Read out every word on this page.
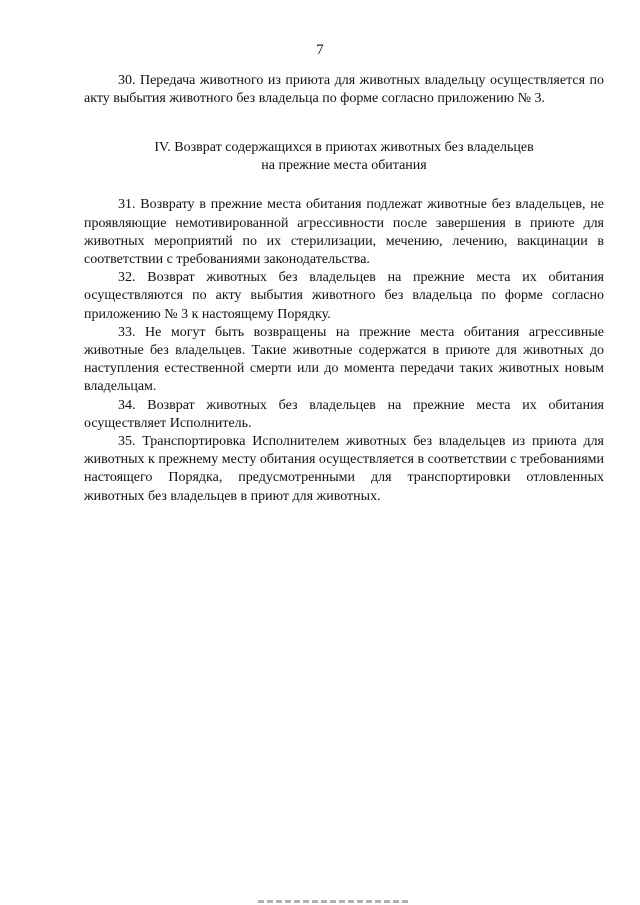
7

30. Передача животного из приюта для животных владельцу осуществляется по акту выбытия животного без владельца по форме согласно приложению № 3.

IV. Возврат содержащихся в приютах животных без владельцев
на прежние места обитания

31. Возврату в прежние места обитания подлежат животные без владельцев, не проявляющие немотивированной агрессивности после завершения в приюте для животных мероприятий по их стерилизации, мечению, лечению, вакцинации в соответствии с требованиями законодательства.

32. Возврат животных без владельцев на прежние места их обитания осуществляются по акту выбытия животного без владельца по форме согласно приложению № 3 к настоящему Порядку.

33. Не могут быть возвращены на прежние места обитания агрессивные животные без владельцев. Такие животные содержатся в приюте для животных до наступления естественной смерти или до момента передачи таких животных новым владельцам.

34. Возврат животных без владельцев на прежние места их обитания осуществляет Исполнитель.

35. Транспортировка Исполнителем животных без владельцев из приюта для животных к прежнему месту обитания осуществляется в соответствии с требованиями настоящего Порядка, предусмотренными для транспортировки отловленных животных без владельцев в приют для животных.
